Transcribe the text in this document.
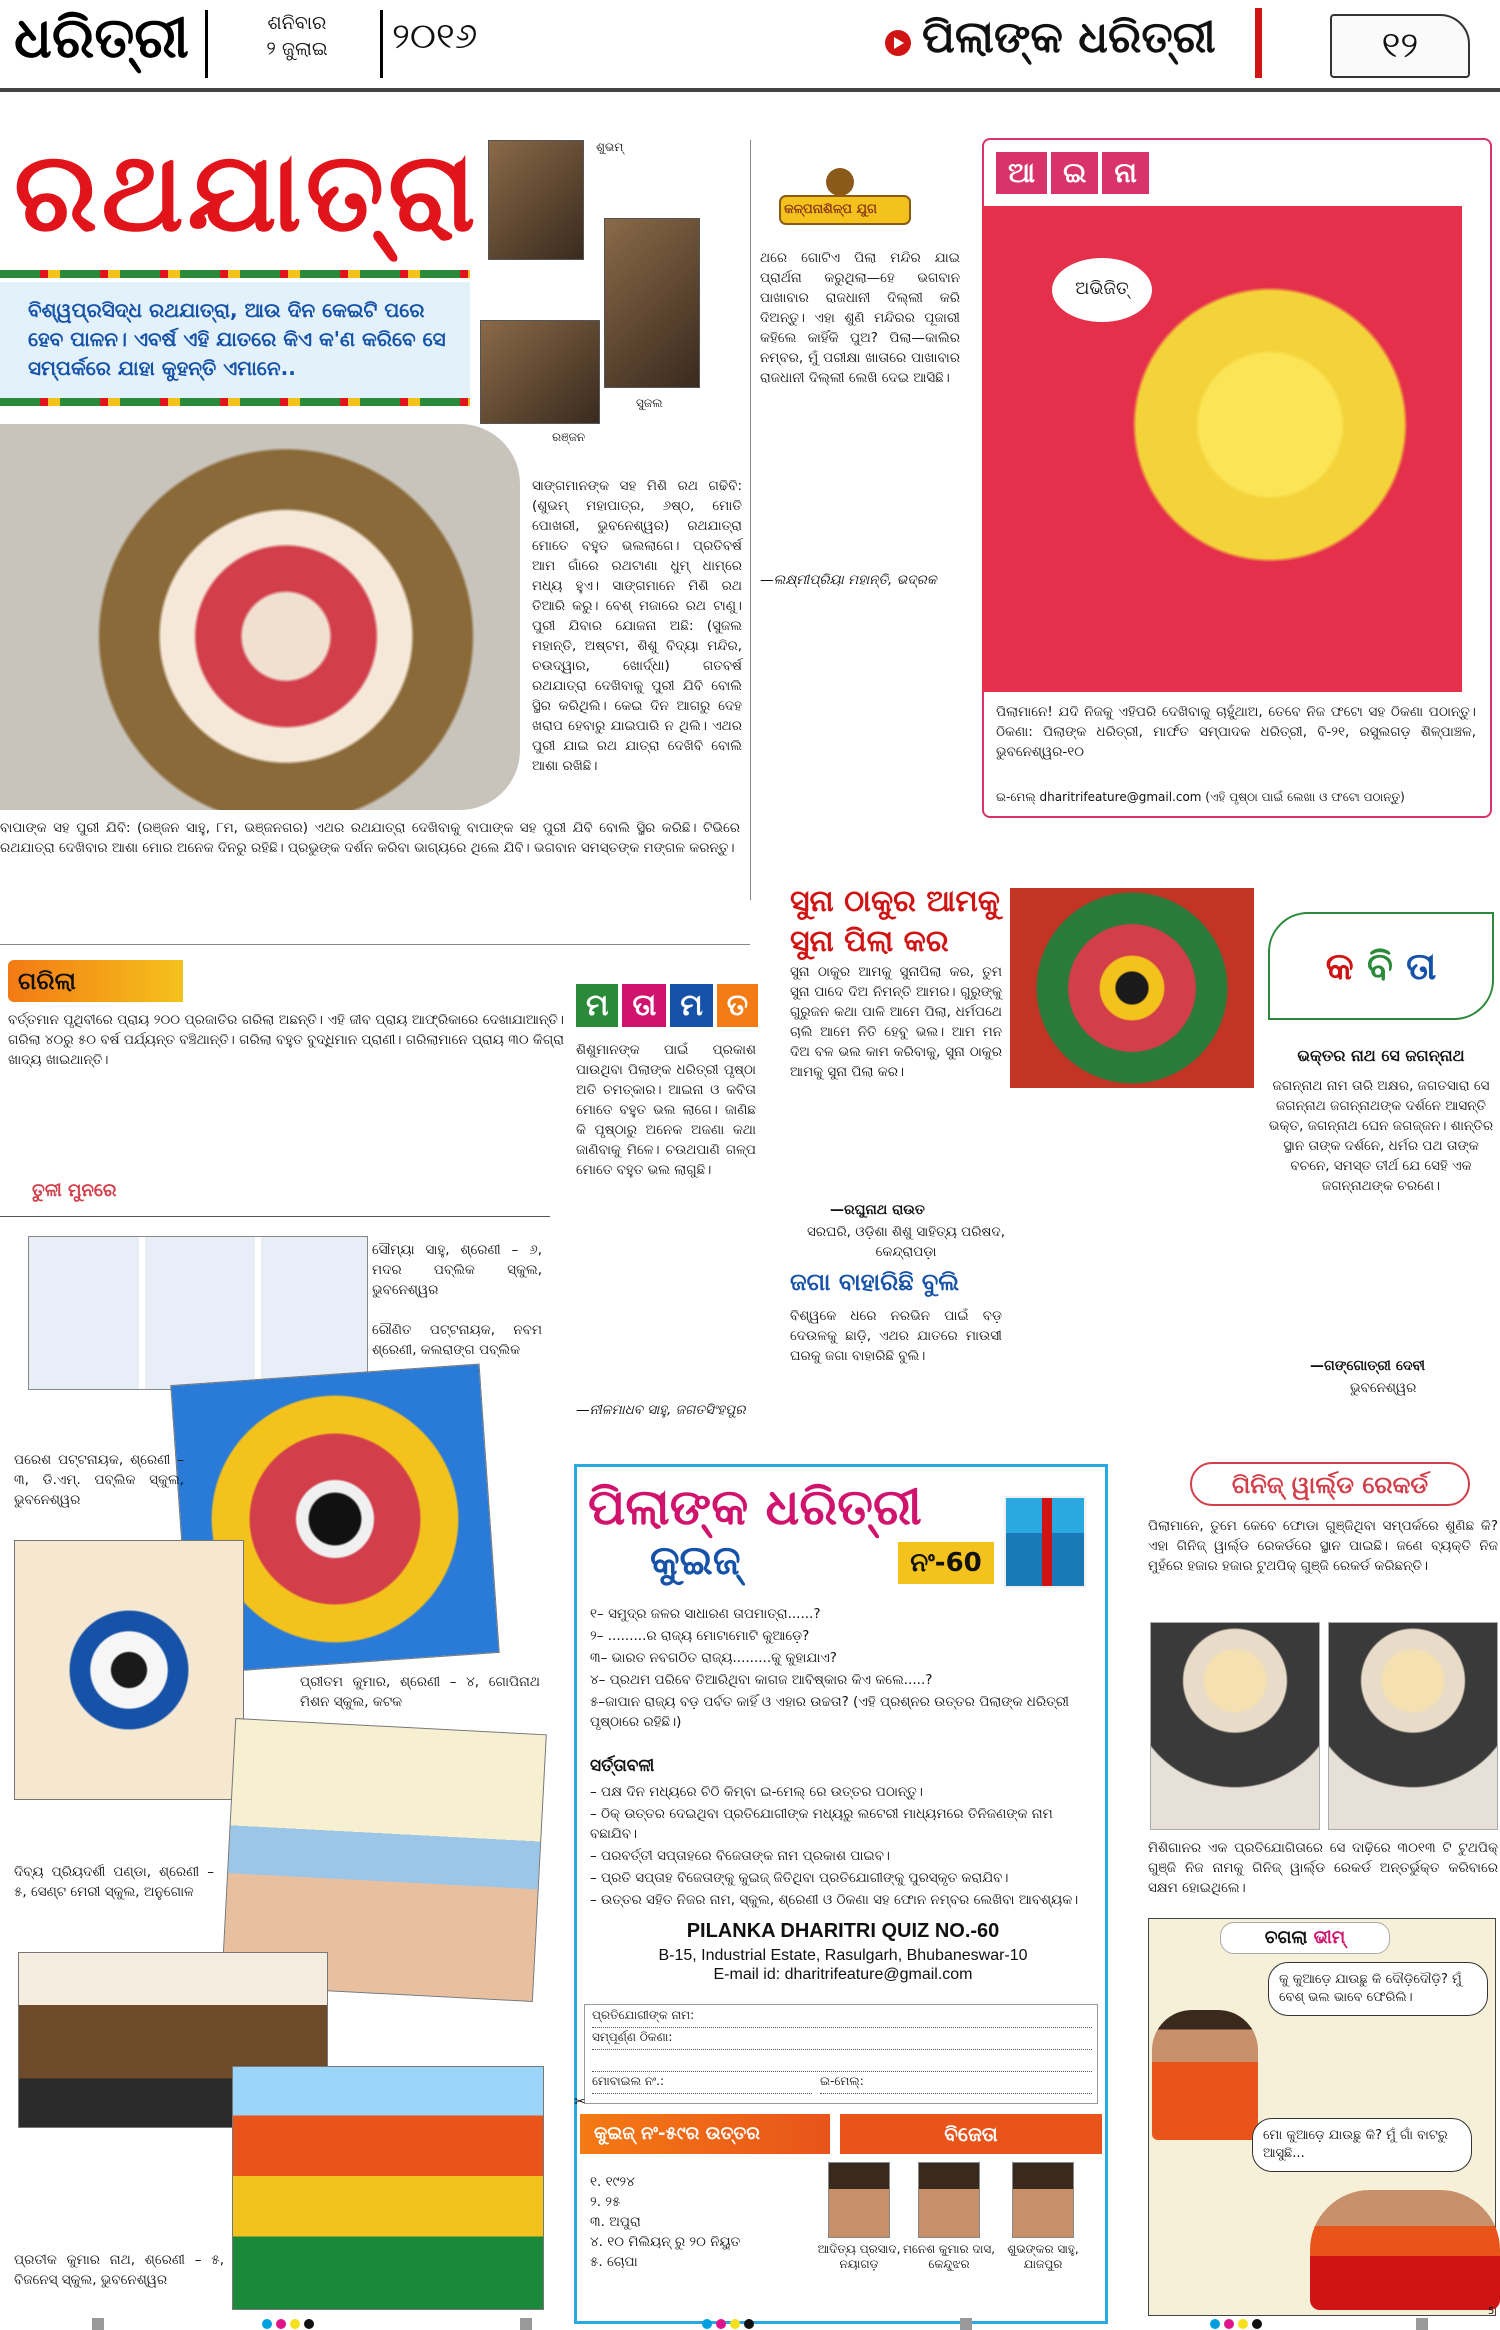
ଧରିତ୍ରୀ	ଶନିବାର
୨ ଜୁଲାଇ	୨୦୧୬	ପିଲାଙ୍କ ଧରିତ୍ରୀ	୧୨
ରଥଯାତ୍ରା
ବିଶ୍ୱପ୍ରସିଦ୍ଧ ରଥଯାତ୍ରା, ଆଉ ଦିନ କେଇଟି ପରେ ହେବ ପାଳନ। ଏବର୍ଷ ଏହି ଯାତରେ କିଏ କ'ଣ କରିବେ ସେ ସମ୍ପର୍କରେ ଯାହା କୁହନ୍ତି ଏମାନେ..
ଶୁଭମ୍
ସୁଜଲ
ରଞ୍ଜନ
ସାଙ୍ଗମାନଙ୍କ ସହ ମିଶି ରଥ ଗଢିବି: (ଶୁଭମ୍ ମହାପାତ୍ର, ୬ଷ୍ଠ, ମୋତି ପୋଖରୀ, ଭୁବନେଶ୍ୱର) ରଥଯାତ୍ରା ମୋତେ ବହୁତ ଭଲଲାଗେ। ପ୍ରତିବର୍ଷ ଆମ ଗାଁରେ ରଥଟାଣା ଧୁମ୍ ଧାମ୍‌ରେ ମଧ୍ୟ ହୁଏ। ସାଙ୍ଗମାନେ ମିଶି ରଥ ତିଆରି କରୁ। ବେଶ୍ ମଜାରେ ରଥ ଟାଣୁ। ପୁରୀ ଯିବାର ଯୋଜନା ଅଛି: (ସୁଜଲ ମହାନ୍ତି, ଅଷ୍ଟମ, ଶିଶୁ ବିଦ୍ୟା ମନ୍ଦିର, ଚଉଦ୍ୱାର, ଖୋର୍ଦ୍ଧା) ଗତବର୍ଷ ରଥଯାତ୍ରା ଦେଖିବାକୁ ପୁରୀ ଯିବି ବୋଲି ସ୍ଥିର କରିଥିଲି। କେଇ ଦିନ ଆଗରୁ ଦେହ ଖରାପ ହେବାରୁ ଯାଇପାରି ନ ଥିଲି। ଏଥର ପୁରୀ ଯାଇ ରଥ ଯାତ୍ରା ଦେଖିବି ବୋଲି ଆଶା ରଖିଛି।
ବାପାଙ୍କ ସହ ପୁରୀ ଯିବି: (ରଞ୍ଜନ ସାହୁ, ୮ମ, ଭଞ୍ଜନଗର) ଏଥର ରଥଯାତ୍ରା ଦେଖିବାକୁ ବାପାଙ୍କ ସହ ପୁରୀ ଯିବି ବୋଲି ସ୍ଥିର କରିଛି। ଟିଭିରେ ରଥଯାତ୍ରା ଦେଖିବାର ଆଶା ମୋର ଅନେକ ଦିନରୁ ରହିଛି। ପ୍ରଭୁଙ୍କ ଦର୍ଶନ କରିବା ଭାଗ୍ୟରେ ଥିଲେ ଯିବି। ଭଗବାନ ସମସ୍ତଙ୍କ ମଙ୍ଗଳ କରନ୍ତୁ।
କଳ୍ପନାଶିଳ୍ପ ଯୁଗ
ଥରେ ଗୋଟିଏ ପିଲା ମନ୍ଦିର ଯାଇ ପ୍ରାର୍ଥନା କରୁଥିଲା—ହେ ଭଗବାନ ପାଖାବାର ରାଜଧାନୀ ଦିଲ୍ଲୀ କରି ଦିଅନ୍ତୁ। ଏହା ଶୁଣି ମନ୍ଦିରର ପୂଜାରୀ କହିଲେ କାହିଁକି ପୁଅ? ପିଲା—କାଲିର ନମ୍ବର, ମୁଁ ପରୀକ୍ଷା ଖାତାରେ ପାଖାବାର ରାଜଧାନୀ ଦିଲ୍ଲୀ ଲେଖି ଦେଇ ଆସିଛି।
—ଲକ୍ଷ୍ମୀପ୍ରିୟା ମହାନ୍ତି, ଭଦ୍ରକ
ଆ ଇ ନା
ଅଭିଜିତ୍
ପିଲାମାନେ! ଯଦି ନିଜକୁ ଏହିପରି ଦେଖିବାକୁ ଚାହୁଁଥାଅ, ତେବେ ନିଜ ଫଟୋ ସହ ଠିକଣା ପଠାନ୍ତୁ। ଠିକଣା: ପିଲାଙ୍କ ଧରିତ୍ରୀ, ମାର୍ଫତ ସମ୍ପାଦକ ଧରିତ୍ରୀ, ବି-୨୧, ରସୁଲଗଡ଼ ଶିଳ୍ପାଞ୍ଚଳ, ଭୁବନେଶ୍ୱର-୧୦
ଇ-ମେଲ୍ dharitrifeature@gmail.com (ଏହି ପୃଷ୍ଠା ପାଇଁ ଲେଖା ଓ ଫଟୋ ପଠାନ୍ତୁ)
ଗରିଲା
ବର୍ତ୍ତମାନ ପୃଥିବୀରେ ପ୍ରାୟ ୨୦୦ ପ୍ରଜାତିର ଗରିଲା ଅଛନ୍ତି। ଏହି ଜୀବ ପ୍ରାୟ ଆଫ୍ରିକାରେ ଦେଖାଯାଆନ୍ତି। ଗରିଲା ୪୦ରୁ ୫୦ ବର୍ଷ ପର୍ଯ୍ୟନ୍ତ ବଞ୍ଚିଥାନ୍ତି। ଗରିଲା ବହୁତ ବୁଦ୍ଧିମାନ ପ୍ରାଣୀ। ଗରିଲାମାନେ ପ୍ରାୟ ୩୦ କିଗ୍ରା ଖାଦ୍ୟ ଖାଇଥାନ୍ତି।
ମ ତା ମ ତ
ଶିଶୁମାନଙ୍କ ପାଇଁ ପ୍ରକାଶ ପାଉଥିବା ପିଲାଙ୍କ ଧରିତ୍ରୀ ପୃଷ୍ଠା ଅତି ଚମତ୍କାର। ଆଇନା ଓ କବିତା ମୋତେ ବହୁତ ଭଲ ଲାଗେ। ଜାଣିଛ କି ପୃଷ୍ଠାରୁ ଅନେକ ଅଜଣା କଥା ଜାଣିବାକୁ ମିଳେ। ଚଉଥପାଣି ଗଳ୍ପ ମୋତେ ବହୁତ ଭଲ ଲାଗୁଛି।
—ନୀଳମାଧବ ସାହୁ, ଜଗତସିଂହପୁର
ସୁନା ଠାକୁର ଆମକୁ ସୁନା ପିଲା କର
ସୁନା ଠାକୁର ଆମକୁ ସୁନାପିଲା କର, ତୁମ ସୁନା ପାଦେ ଦିଅ ନିମନ୍ତି ଆମର। ଗୁରୁଙ୍କୁ ଗୁରୁଜନ କଥା ପାଳି ଆମେ ପିଲା, ଧର୍ମପଥେ ଚାଲି ଆମେ ନିତି ହେବୁ ଭଲ। ଆମ ମନ ଦିଅ ବଳ ଭଲ କାମ କରିବାକୁ, ସୁନା ଠାକୁର ଆମକୁ ସୁନା ପିଲା କର।
—ରଘୁନାଥ ରାଉତ
ସରଘରି, ଓଡ଼ିଶା ଶିଶୁ ସାହିତ୍ୟ ପରିଷଦ, କେନ୍ଦ୍ରାପଡ଼ା
ଜଗା ବାହାରିଛି ବୁଲି
ବିଶ୍ୱକେ ଧରେ ନରଭିନ ପାଇଁ ବଡ଼ ଦେଉଳକୁ ଛାଡ଼ି, ଏଥର ଯାତରେ ମାଉସୀ ଘରକୁ ଜଗା ବାହାରିଛି ବୁଲି।
କ ବି ତା
ଭକ୍ତର ନାଥ ସେ ଜଗନ୍ନାଥ
ଜଗନ୍ନାଥ ନାମ ତାରି ଅକ୍ଷର, ଜଗତସାରା ସେ ଜଗନ୍ନାଥ ଜଗନ୍ନାଥଙ୍କ ଦର୍ଶନେ ଆସନ୍ତି ଭକ୍ତ, ଜଗନ୍ନାଥ ଘେନ ଜଗଜ୍ଜନ। ଶାନ୍ତିର ସ୍ଥାନ ତାଙ୍କ ଦର୍ଶନେ, ଧର୍ମର ପଥ ତାଙ୍କ ବଚନେ, ସମସ୍ତ ତୀର୍ଥ ଯେ ସେହି ଏକ ଜଗନ୍ନାଥଙ୍କ ଚରଣେ।
—ଗଙ୍ଗୋତ୍ରୀ ଦେବୀ
ଭୁବନେଶ୍ୱର
ତୁଳୀ ମୁନରେ
ସୌମ୍ୟା ସାହୁ, ଶ୍ରେଣୀ – ୬, ମଦର ପବ୍ଲିକ ସ୍କୁଲ, ଭୁବନେଶ୍ୱର
ରୌଣିତ ପଟ୍ଟନାୟକ, ନବମ ଶ୍ରେଣୀ, କଲରାଙ୍ଗ ପବ୍ଲିକ
ପରେଶ ପଟ୍ଟନାୟକ, ଶ୍ରେଣୀ – ୩, ଡି.ଏମ୍. ପବ୍ଲିକ ସ୍କୁଲ, ଭୁବନେଶ୍ୱର
ପ୍ରୀତମ କୁମାର, ଶ୍ରେଣୀ – ୪, ଗୋପିନାଥ ମିଶନ ସ୍କୁଲ, କଟକ
ଦିବ୍ୟ ପ୍ରିୟଦର୍ଶୀ ପଣ୍ଡା, ଶ୍ରେଣୀ – ୫, ସେଣ୍ଟ ମେରୀ ସ୍କୁଲ, ଅନୁଗୋଳ
ପ୍ରତୀକ କୁମାର ନାଥ, ଶ୍ରେଣୀ – ୫, ବିଜନେସ୍ ସ୍କୁଲ, ଭୁବନେଶ୍ୱର
ପିଲାଙ୍କ ଧରିତ୍ରୀ
କୁଇଜ୍	ନଂ-60
୧– ସମୁଦ୍ର ଜଳର ସାଧାରଣ ତାପମାତ୍ରା......?
୨– .........ର ରାଜ୍ୟ ମୋଟାମୋଟି କୁଆଡ଼େ?
୩– ଭାରତ ନବଗଠିତ ରାଜ୍ୟ.........କୁ କୁହାଯାଏ?
୪– ପ୍ରଥମ ପରିବେ ତିଆରିଥିବା କାଗଜ ଆବିଷ୍କାର କିଏ କଲେ.....?
୫–ଜାପାନ ରାଜ୍ୟ ବଡ଼ ପର୍ବତ କାହିଁ ଓ ଏହାର ଉଚ୍ଚତା? (ଏହି ପ୍ରଶ୍ନର ଉତ୍ତର ପିଲାଙ୍କ ଧରିତ୍ରୀ ପୃଷ୍ଠାରେ ରହିଛି।)
ସର୍ତ୍ତାବଳୀ
– ପକ୍ଷ ଦିନ ମଧ୍ୟରେ ଚିଠି କିମ୍ବା ଇ-ମେଲ୍ ରେ ଉତ୍ତର ପଠାନ୍ତୁ।
– ଠିକ୍ ଉତ୍ତର ଦେଇଥିବା ପ୍ରତିଯୋଗୀଙ୍କ ମଧ୍ୟରୁ ଲଟେରୀ ମାଧ୍ୟମରେ ତିନିଜଣଙ୍କ ନାମ ବଛାଯିବ।
– ପରବର୍ତ୍ତୀ ସପ୍ତାହରେ ବିଜେତାଙ୍କ ନାମ ପ୍ରକାଶ ପାଇବ।
– ପ୍ରତି ସପ୍ତାହ ବିଜେତାଙ୍କୁ କୁଇଜ୍ ଜିତିଥିବା ପ୍ରତିଯୋଗୀଙ୍କୁ ପୁରସ୍କୃତ କରାଯିବ।
– ଉତ୍ତର ସହିତ ନିଜର ନାମ, ସ୍କୁଲ, ଶ୍ରେଣୀ ଓ ଠିକଣା ସହ ଫୋନ ନମ୍ବର ଲେଖିବା ଆବଶ୍ୟକ।
PILANKA DHARITRI QUIZ NO.-60
B-15, Industrial Estate, Rasulgarh, Bhubaneswar-10
E-mail id: dharitrifeature@gmail.com
ପ୍ରତିଯୋଗୀଙ୍କ ନାମ:
ସମ୍ପୂର୍ଣ୍ଣ ଠିକଣା:
ମୋବାଇଲ ନଂ.:	ଇ-ମେଲ୍:
✂
କୁଇଜ୍ ନଂ-୫୯ର ଉତ୍ତର	ବିଜେତା
୧. ୧୯୨୪
୨. ୨୫
୩. ଅପୁରା
୪. ୧୦ ମିଲିୟନ୍ ରୁ ୨୦ ନିୟୁତ
୫. ଚୋପା
ଆଦିତ୍ୟ ପ୍ରସାଦ, ନୟାଗଡ଼
ମନେଶ କୁମାର ଦାସ, କେନ୍ଦୁଝର
ଶୁଭଙ୍କର ସାହୁ, ଯାଜପୁର
ଗିନିଜ୍ ୱାର୍ଲ୍ଡ ରେକର୍ଡ
ପିଲାମାନେ, ତୁମେ କେବେ ଫୋଡା ଗୁଞ୍ଜିଥିବା ସମ୍ପର୍କରେ ଶୁଣିଛ କି? ଏହା ଗିନିଜ୍ ୱାର୍ଲ୍ଡ ରେକର୍ଡରେ ସ୍ଥାନ ପାଇଛି। ଜଣେ ବ୍ୟକ୍ତି ନିଜ ମୁହଁରେ ହଜାର ହଜାର ଟୁଥପିକ୍ ଗୁଞ୍ଜି ରେକର୍ଡ କରିଛନ୍ତି।
ମିଶିଗାନର ଏକ ପ୍ରତିଯୋଗିତାରେ ସେ ଦାଢ଼ିରେ ୩୦୧୩ ଟି ଟୁଥପିକ୍ ଗୁଞ୍ଜି ନିଜ ନାମକୁ ଗିନିଜ୍ ୱାର୍ଲ୍ଡ ରେକର୍ଡ ଅନ୍ତର୍ଭୁକ୍ତ କରିବାରେ ସକ୍ଷମ ହୋଇଥିଲେ।
ଚଗଲା ଭୀମ୍
କୁ କୁଆଡ଼େ ଯାଉଛୁ କି ଦୌଡ଼ିଦୌଡ଼ି? ମୁଁ ବେଶ୍ ଭଲ ଭାବେ ଫେରିଲି।
ମୋ କୁଆଡ଼େ ଯାଉଛୁ କି? ମୁଁ ଗାଁ ବାଟରୁ ଆସୁଛି...
5
